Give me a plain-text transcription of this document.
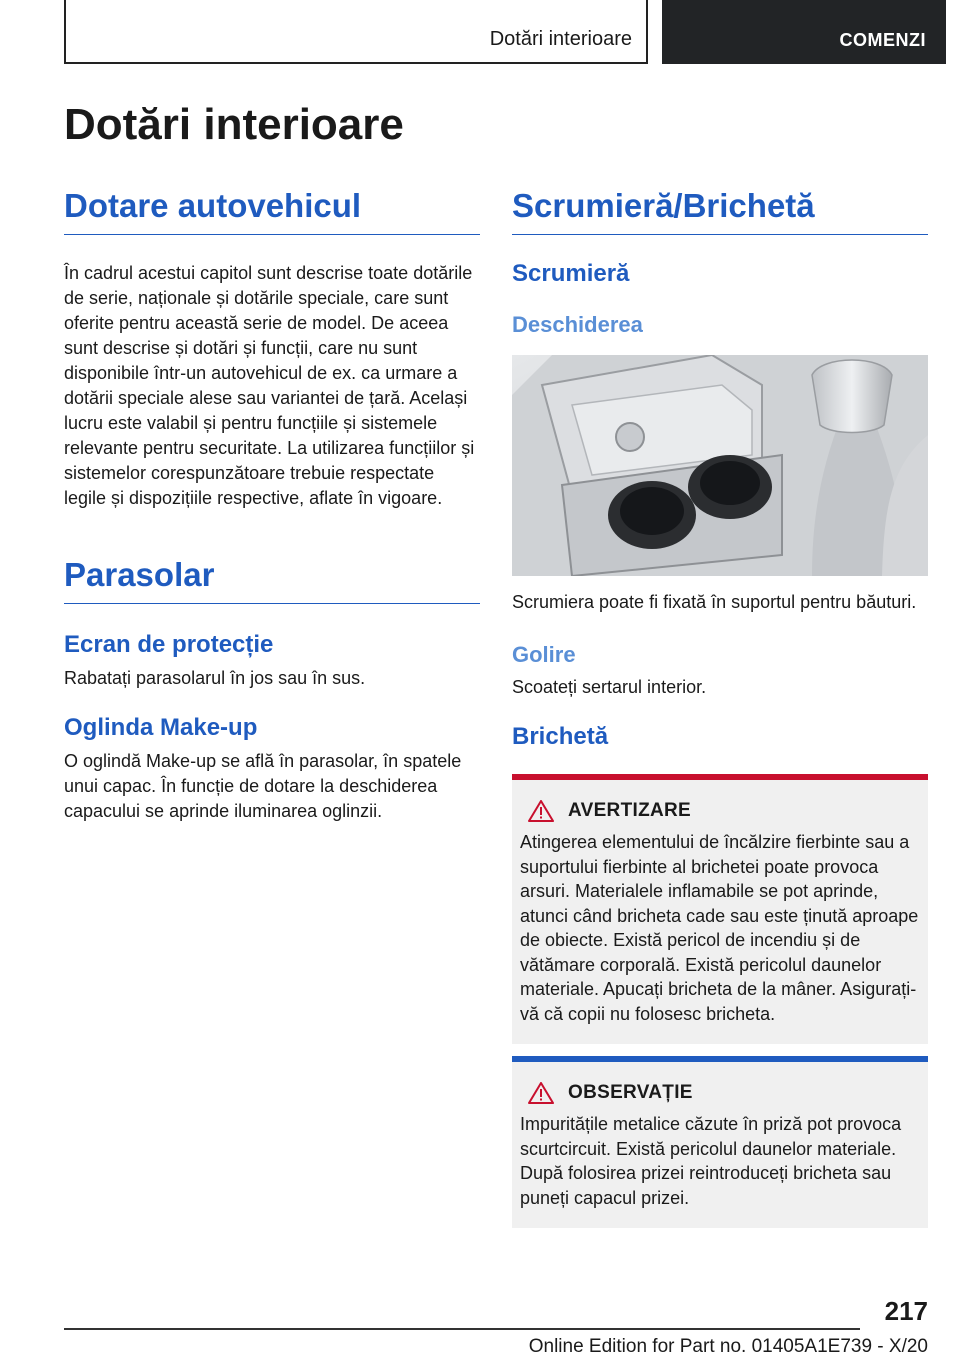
Dotări interioare	COMENZI
Dotări interioare
Dotare autovehicul

În cadrul acestui capitol sunt descrise toate dotările de serie, naționale și dotările speciale, care sunt oferite pentru această serie de model. De aceea sunt descrise și dotări și funcții, care nu sunt disponibile într-un autovehicul de ex. ca urmare a dotării speciale alese sau variantei de țară. Același lucru este valabil și pentru funcțiile și sistemele relevante pentru securitate. La utilizarea funcțiilor și sistemelor corespunzătoare trebuie respectate legile și dispozițiile respective, aflate în vigoare.

Parasolar
Ecran de protecție

Rabatați parasolarul în jos sau în sus.

Oglinda Make-up

O oglindă Make-up se află în parasolar, în spatele unui capac. În funcție de dotare la deschiderea capacului se aprinde iluminarea oglinzii.

Scrumieră/Brichetă
Scrumieră
Deschiderea

Scrumiera poate fi fixată în suportul pentru băuturi.

Golire

Scoateți sertarul interior.

Brichetă
AVERTIZARE
Atingerea elementului de încălzire fierbinte sau a suportului fierbinte al brichetei poate provoca arsuri. Materialele inflamabile se pot aprinde, atunci când bricheta cade sau este ținută aproape de obiecte. Există pericol de incendiu și de vătămare corporală. Există pericolul daunelor materiale. Apucați bricheta de la mâner. Asigurați-vă că copii nu folosesc bricheta.
OBSERVAȚIE
Impuritățile metalice căzute în priză pot provoca scurtcircuit. Există pericolul daunelor materiale. După folosirea prizei reintroduceți bricheta sau puneți capacul prizei.
217
Online Edition for Part no. 01405A1E739 - X/20
